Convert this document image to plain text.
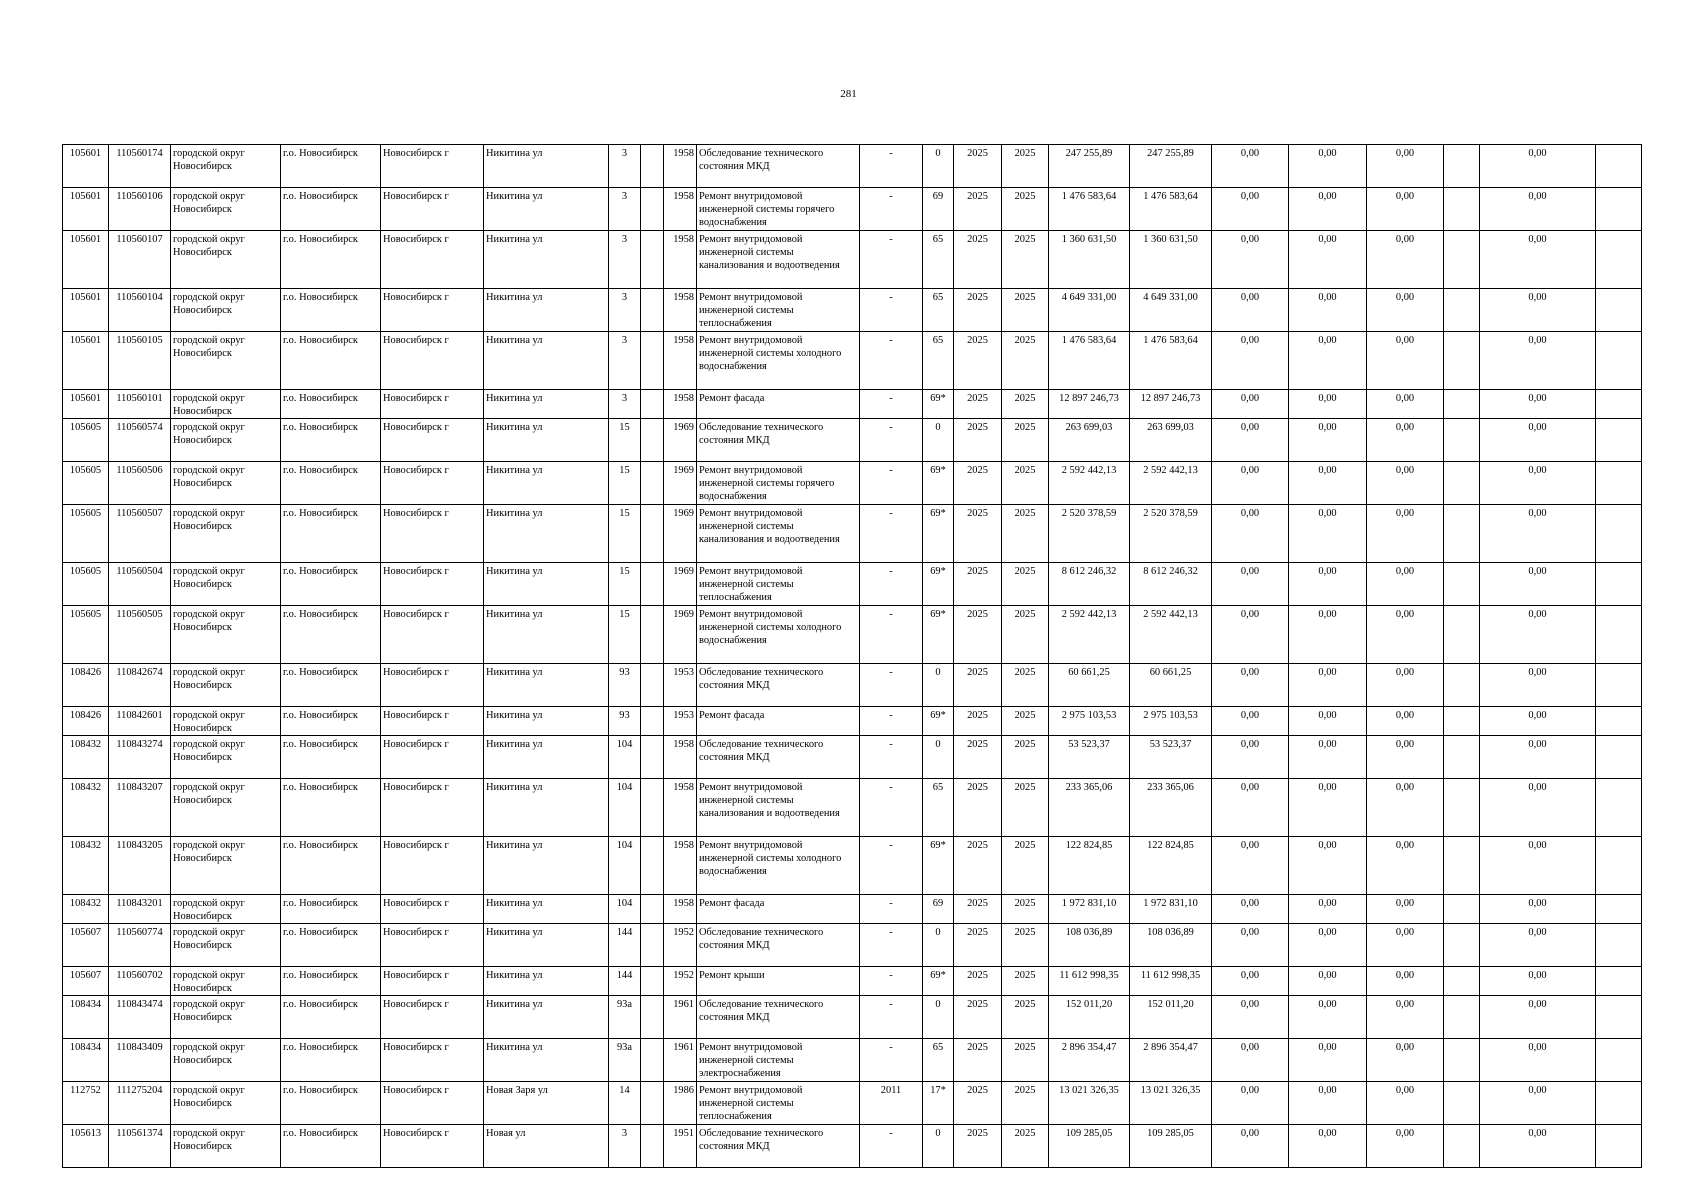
281
105601	110560174	городской округ Новосибирск	г.о. Новосибирск	Новосибирск г	Никитина ул	3		1958	Обследование технического состояния МКД	-	0	2025	2025	247 255,89	247 255,89	0,00	0,00	0,00		0,00	
105601	110560106	городской округ Новосибирск	г.о. Новосибирск	Новосибирск г	Никитина ул	3		1958	Ремонт внутридомовой инженерной системы горячего водоснабжения	-	69	2025	2025	1 476 583,64	1 476 583,64	0,00	0,00	0,00		0,00	
105601	110560107	городской округ Новосибирск	г.о. Новосибирск	Новосибирск г	Никитина ул	3		1958	Ремонт внутридомовой инженерной системы канализования и водоотведения	-	65	2025	2025	1 360 631,50	1 360 631,50	0,00	0,00	0,00		0,00	
105601	110560104	городской округ Новосибирск	г.о. Новосибирск	Новосибирск г	Никитина ул	3		1958	Ремонт внутридомовой инженерной системы теплоснабжения	-	65	2025	2025	4 649 331,00	4 649 331,00	0,00	0,00	0,00		0,00	
105601	110560105	городской округ Новосибирск	г.о. Новосибирск	Новосибирск г	Никитина ул	3		1958	Ремонт внутридомовой инженерной системы холодного водоснабжения	-	65	2025	2025	1 476 583,64	1 476 583,64	0,00	0,00	0,00		0,00	
105601	110560101	городской округ Новосибирск	г.о. Новосибирск	Новосибирск г	Никитина ул	3		1958	Ремонт фасада	-	69*	2025	2025	12 897 246,73	12 897 246,73	0,00	0,00	0,00		0,00	
105605	110560574	городской округ Новосибирск	г.о. Новосибирск	Новосибирск г	Никитина ул	15		1969	Обследование технического состояния МКД	-	0	2025	2025	263 699,03	263 699,03	0,00	0,00	0,00		0,00	
105605	110560506	городской округ Новосибирск	г.о. Новосибирск	Новосибирск г	Никитина ул	15		1969	Ремонт внутридомовой инженерной системы горячего водоснабжения	-	69*	2025	2025	2 592 442,13	2 592 442,13	0,00	0,00	0,00		0,00	
105605	110560507	городской округ Новосибирск	г.о. Новосибирск	Новосибирск г	Никитина ул	15		1969	Ремонт внутридомовой инженерной системы канализования и водоотведения	-	69*	2025	2025	2 520 378,59	2 520 378,59	0,00	0,00	0,00		0,00	
105605	110560504	городской округ Новосибирск	г.о. Новосибирск	Новосибирск г	Никитина ул	15		1969	Ремонт внутридомовой инженерной системы теплоснабжения	-	69*	2025	2025	8 612 246,32	8 612 246,32	0,00	0,00	0,00		0,00	
105605	110560505	городской округ Новосибирск	г.о. Новосибирск	Новосибирск г	Никитина ул	15		1969	Ремонт внутридомовой инженерной системы холодного водоснабжения	-	69*	2025	2025	2 592 442,13	2 592 442,13	0,00	0,00	0,00		0,00	
108426	110842674	городской округ Новосибирск	г.о. Новосибирск	Новосибирск г	Никитина ул	93		1953	Обследование технического состояния МКД	-	0	2025	2025	60 661,25	60 661,25	0,00	0,00	0,00		0,00	
108426	110842601	городской округ Новосибирск	г.о. Новосибирск	Новосибирск г	Никитина ул	93		1953	Ремонт фасада	-	69*	2025	2025	2 975 103,53	2 975 103,53	0,00	0,00	0,00		0,00	
108432	110843274	городской округ Новосибирск	г.о. Новосибирск	Новосибирск г	Никитина ул	104		1958	Обследование технического состояния МКД	-	0	2025	2025	53 523,37	53 523,37	0,00	0,00	0,00		0,00	
108432	110843207	городской округ Новосибирск	г.о. Новосибирск	Новосибирск г	Никитина ул	104		1958	Ремонт внутридомовой инженерной системы канализования и водоотведения	-	65	2025	2025	233 365,06	233 365,06	0,00	0,00	0,00		0,00	
108432	110843205	городской округ Новосибирск	г.о. Новосибирск	Новосибирск г	Никитина ул	104		1958	Ремонт внутридомовой инженерной системы холодного водоснабжения	-	69*	2025	2025	122 824,85	122 824,85	0,00	0,00	0,00		0,00	
108432	110843201	городской округ Новосибирск	г.о. Новосибирск	Новосибирск г	Никитина ул	104		1958	Ремонт фасада	-	69	2025	2025	1 972 831,10	1 972 831,10	0,00	0,00	0,00		0,00	
105607	110560774	городской округ Новосибирск	г.о. Новосибирск	Новосибирск г	Никитина ул	144		1952	Обследование технического состояния МКД	-	0	2025	2025	108 036,89	108 036,89	0,00	0,00	0,00		0,00	
105607	110560702	городской округ Новосибирск	г.о. Новосибирск	Новосибирск г	Никитина ул	144		1952	Ремонт крыши	-	69*	2025	2025	11 612 998,35	11 612 998,35	0,00	0,00	0,00		0,00	
108434	110843474	городской округ Новосибирск	г.о. Новосибирск	Новосибирск г	Никитина ул	93а		1961	Обследование технического состояния МКД	-	0	2025	2025	152 011,20	152 011,20	0,00	0,00	0,00		0,00	
108434	110843409	городской округ Новосибирск	г.о. Новосибирск	Новосибирск г	Никитина ул	93а		1961	Ремонт внутридомовой инженерной системы электроснабжения	-	65	2025	2025	2 896 354,47	2 896 354,47	0,00	0,00	0,00		0,00	
112752	111275204	городской округ Новосибирск	г.о. Новосибирск	Новосибирск г	Новая Заря ул	14		1986	Ремонт внутридомовой инженерной системы теплоснабжения	2011	17*	2025	2025	13 021 326,35	13 021 326,35	0,00	0,00	0,00		0,00	
105613	110561374	городской округ Новосибирск	г.о. Новосибирск	Новосибирск г	Новая ул	3		1951	Обследование технического состояния МКД	-	0	2025	2025	109 285,05	109 285,05	0,00	0,00	0,00		0,00	
